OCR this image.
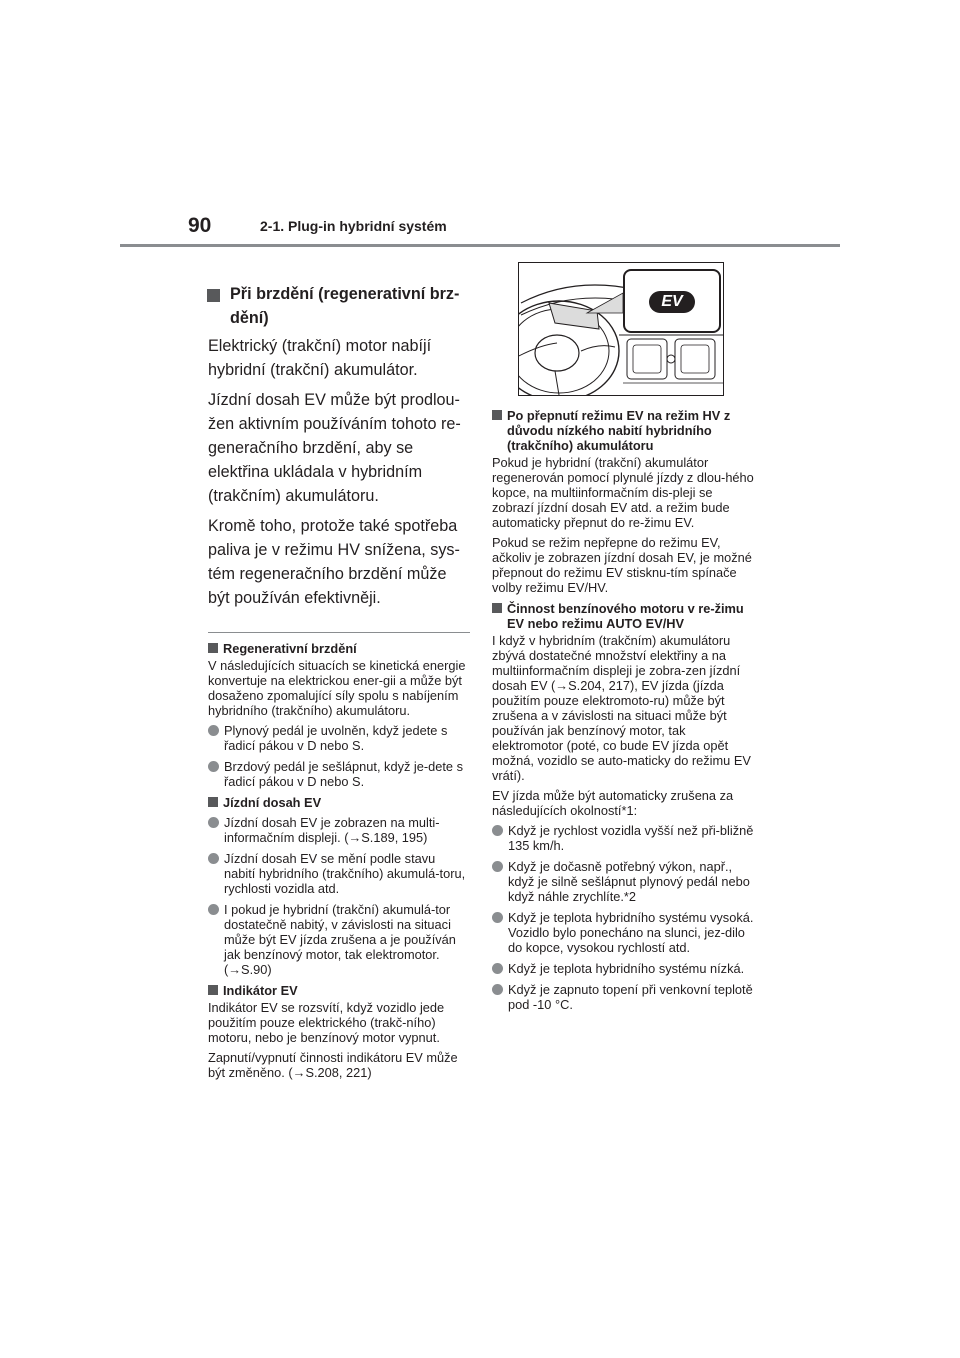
90	2-1. Plug-in hybridní systém
Při brzdění (regenerativní brz-dění)

Elektrický (trakční) motor nabíjí hybridní (trakční) akumulátor.

Jízdní dosah EV může být prodlou-žen aktivním používáním tohoto re-generačního brzdění, aby se elektřina ukládala v hybridním (trakčním) akumulátoru.

Kromě toho, protože také spotřeba paliva je v režimu HV snížena, sys-tém regeneračního brzdění může být používán efektivněji.

Regenerativní brzdění

V následujících situacích se kinetická energie konvertuje na elektrickou ener-gii a může být dosaženo zpomalující síly spolu s nabíjením hybridního (trakčního) akumulátoru.

Plynový pedál je uvolněn, když jedete s řadicí pákou v D nebo S.
Brzdový pedál je sešlápnut, když je-dete s řadicí pákou v D nebo S.
Jízdní dosah EV
Jízdní dosah EV je zobrazen na multi-informačním displeji. (→S.189, 195)
Jízdní dosah EV se mění podle stavu nabití hybridního (trakčního) akumulá-toru, rychlosti vozidla atd.
I pokud je hybridní (trakční) akumulá-tor dostatečně nabitý, v závislosti na situaci může být EV jízda zrušena a je používán jak benzínový motor, tak elektromotor. (→S.90)
Indikátor EV

Indikátor EV se rozsvítí, když vozidlo jede použitím pouze elektrického (trakč-ního) motoru, nebo je benzínový motor vypnut.

Zapnutí/vypnutí činnosti indikátoru EV může být změněno. (→S.208, 221)

EV
Po přepnutí režimu EV na režim HV z důvodu nízkého nabití hybridního (trakčního) akumulátoru

Pokud je hybridní (trakční) akumulátor regenerován pomocí plynulé jízdy z dlou-hého kopce, na multiinformačním dis-pleji se zobrazí jízdní dosah EV atd. a režim bude automaticky přepnut do re-žimu EV.

Pokud se režim nepřepne do režimu EV, ačkoliv je zobrazen jízdní dosah EV, je možné přepnout do režimu EV stisknu-tím spínače volby režimu EV/HV.

Činnost benzínového motoru v re-žimu EV nebo režimu AUTO EV/HV

I když v hybridním (trakčním) akumulátoru zbývá dostatečné množství elektřiny a na multiinformačním displeji je zobra-zen jízdní dosah EV (→S.204, 217), EV jízda (jízda použitím pouze elektromoto-ru) může být zrušena a v závislosti na situaci může být používán jak benzínový motor, tak elektromotor (poté, co bude EV jízda opět možná, vozidlo se auto-maticky do režimu EV vrátí).

EV jízda může být automaticky zrušena za následujících okolností*1:

Když je rychlost vozidla vyšší než při-bližně 135 km/h.
Když je dočasně potřebný výkon, např., když je silně sešlápnut plynový pedál nebo když náhle zrychlíte.*2
Když je teplota hybridního systému vysoká. Vozidlo bylo ponecháno na slunci, jez-dilo do kopce, vysokou rychlostí atd.
Když je teplota hybridního systému nízká.
Když je zapnuto topení při venkovní teplotě pod -10 °C.
